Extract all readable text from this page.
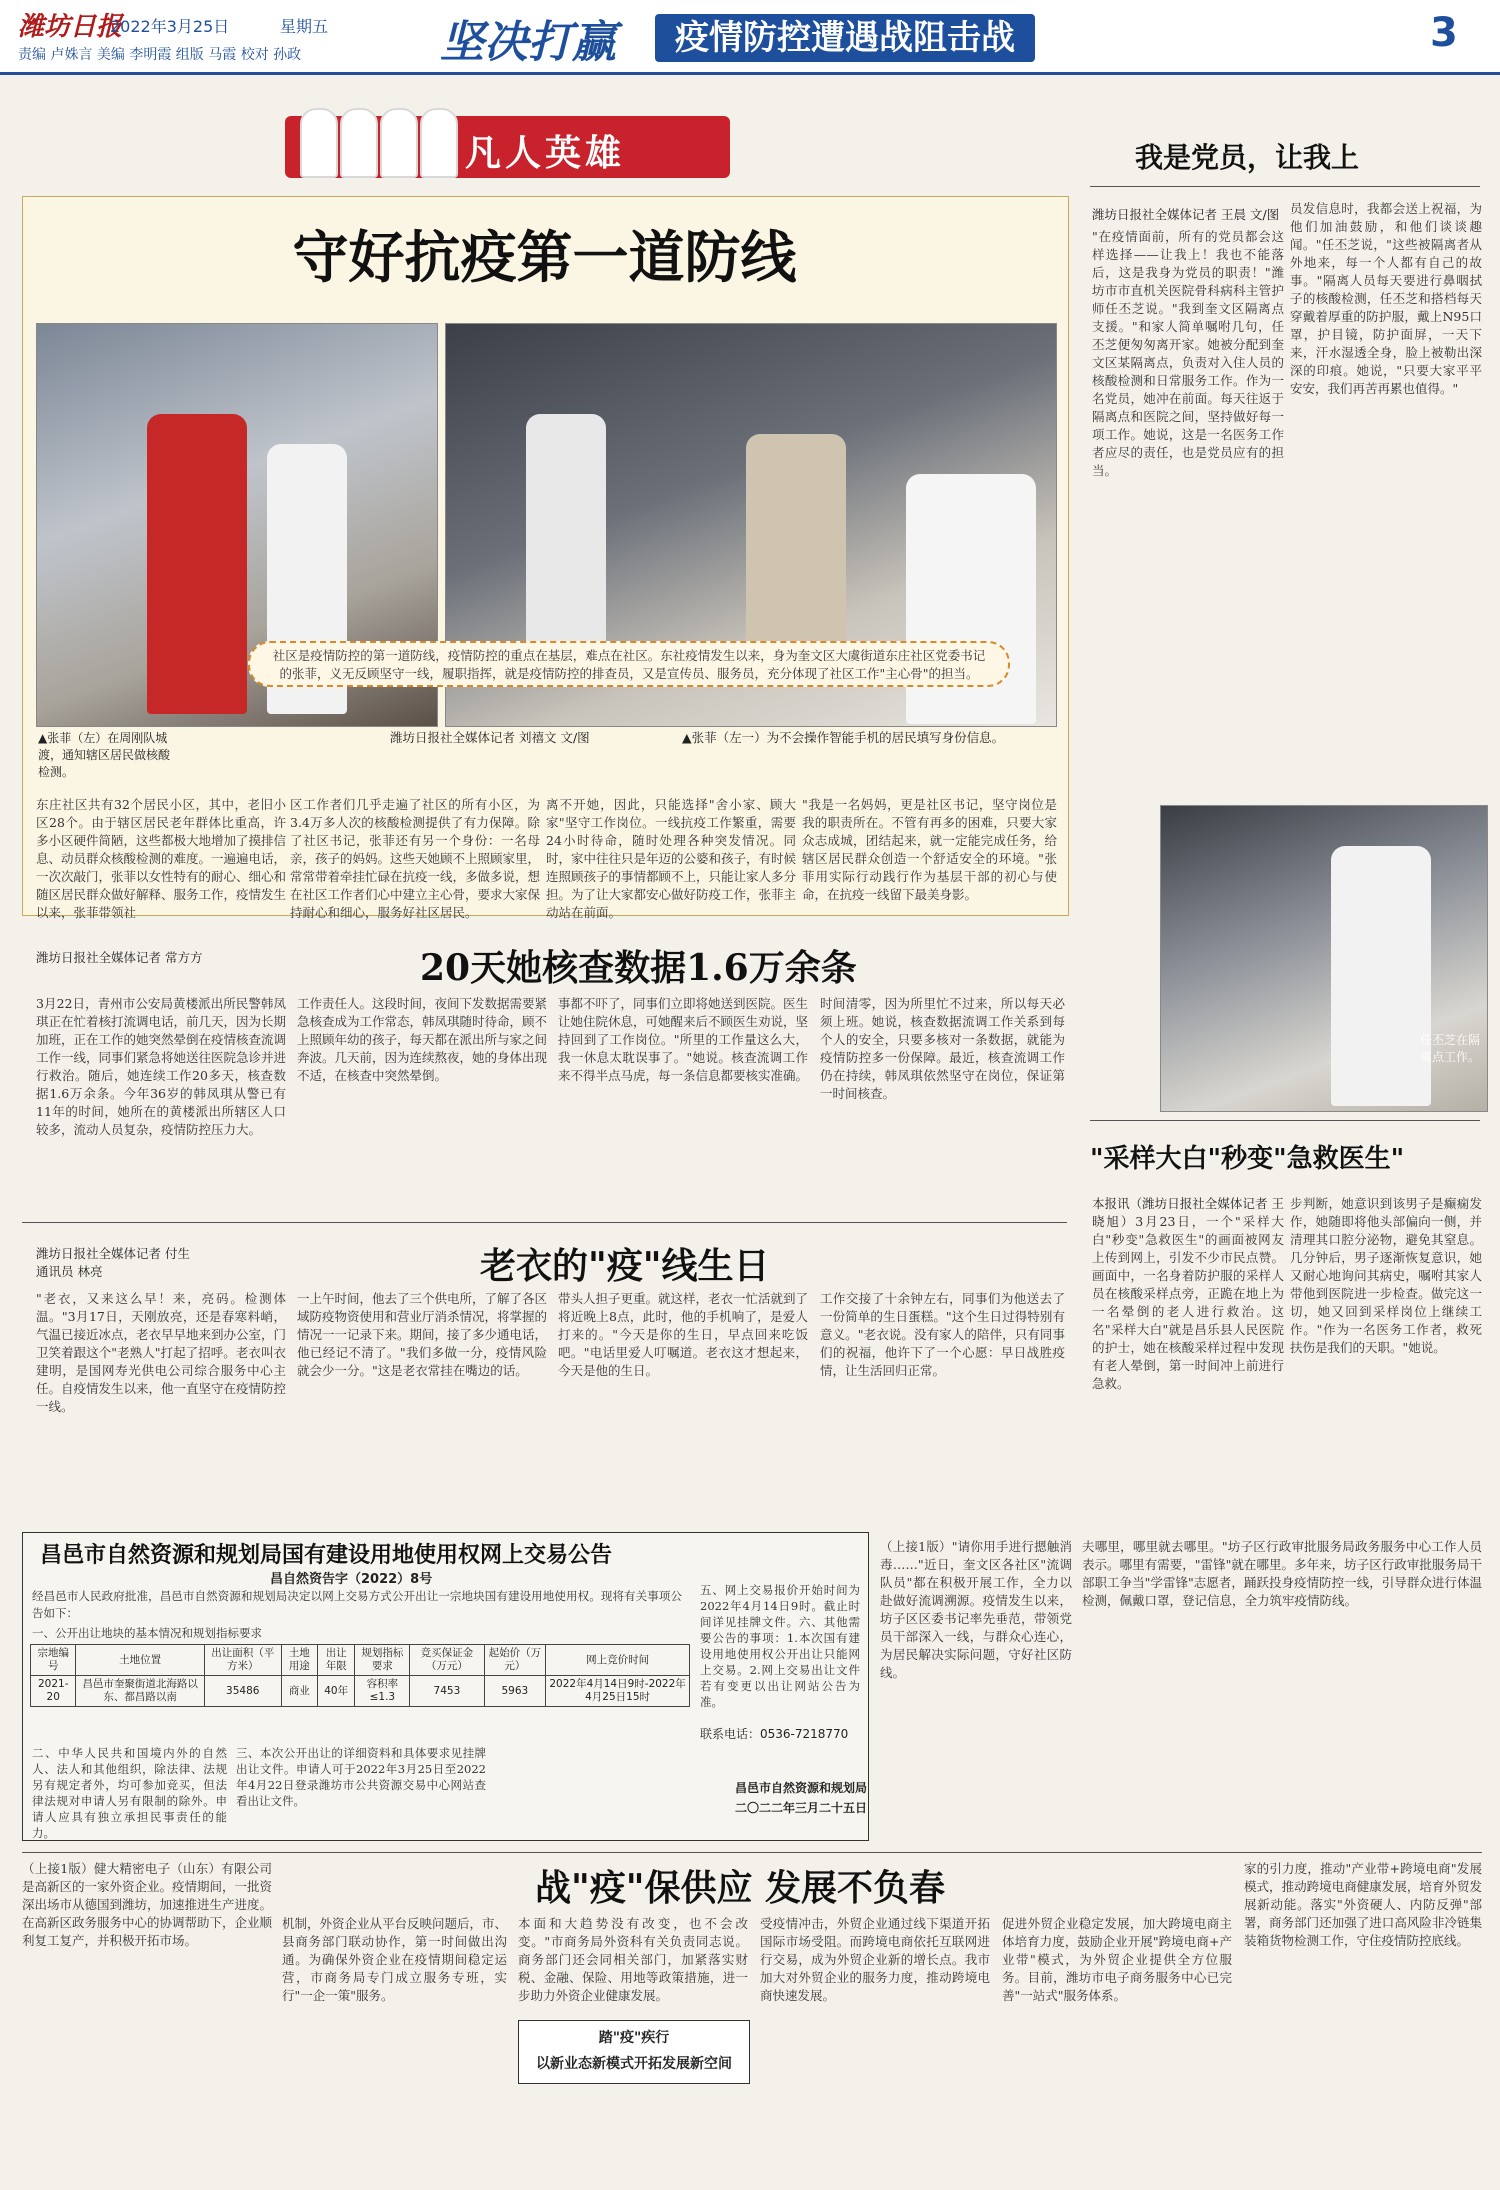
潍坊日报
2022年3月25日	星期五
责编 卢姝言 美编 李明霞 组版 马霞 校对 孙政	坚决打赢	疫情防控遭遇战阻击战	3
凡人英雄
守好抗疫第一道防线
▲张菲（左）在周刚队城渡，通知辖区居民做核酸检测。
潍坊日报社全媒体记者 刘禧文 文/图	▲张菲（左一）为不会操作智能手机的居民填写身份信息。
社区是疫情防控的第一道防线，疫情防控的重点在基层，难点在社区。东社疫情发生以来，身为奎文区大虞街道东庄社区党委书记的张菲，义无反顾坚守一线，履职指挥，就是疫情防控的排查员，又是宣传员、服务员，充分体现了社区工作"主心骨"的担当。
东庄社区共有32个居民小区，其中，老旧小区28个。由于辖区居民老年群体比重高，许多小区硬件简陋，这些都极大地增加了摸排信息、动员群众核酸检测的难度。一遍遍电话，一次次敲门，张菲以女性特有的耐心、细心和随区居民群众做好解释、服务工作，疫情发生以来，张菲带领社
区工作者们几乎走遍了社区的所有小区，为3.4万多人次的核酸检测提供了有力保障。除了社区书记，张菲还有另一个身份：一名母亲，孩子的妈妈。这些天她顾不上照顾家里，常常带着牵挂忙碌在抗疫一线，多做多说，想在社区工作者们心中建立主心骨，要求大家保持耐心和细心，服务好社区居民。
离不开她，因此，只能选择"舍小家、顾大家"坚守工作岗位。一线抗疫工作繁重，需要24小时待命，随时处理各种突发情况。同时，家中往往只是年迈的公婆和孩子，有时候连照顾孩子的事情都顾不上，只能让家人多分担。为了让大家都安心做好防疫工作，张菲主动站在前面。
"我是一名妈妈，更是社区书记，坚守岗位是我的职责所在。不管有再多的困难，只要大家众志成城，团结起来，就一定能完成任务，给辖区居民群众创造一个舒适安全的环境。"张菲用实际行动践行作为基层干部的初心与使命，在抗疫一线留下最美身影。
我是党员，让我上
潍坊日报社全媒体记者 王晨 文/图
"在疫情面前，所有的党员都会这样选择——让我上！我也不能落后，这是我身为党员的职责！"潍坊市市直机关医院骨科病科主管护师任丕芝说。"我到奎文区隔离点支援。"和家人简单嘱咐几句，任丕芝便匆匆离开家。她被分配到奎文区某隔离点，负责对入住人员的核酸检测和日常服务工作。作为一名党员，她冲在前面。每天往返于隔离点和医院之间，坚持做好每一项工作。她说，这是一名医务工作者应尽的责任，也是党员应有的担当。
员发信息时，我都会送上祝福，为他们加油鼓励，和他们谈谈趣闻。"任丕芝说，"这些被隔离者从外地来，每一个人都有自己的故事。"隔离人员每天要进行鼻咽拭子的核酸检测，任丕芝和搭档每天穿戴着厚重的防护服，戴上N95口罩，护目镜，防护面屏，一天下来，汗水湿透全身，脸上被勒出深深的印痕。她说，"只要大家平平安安，我们再苦再累也值得。"
任丕芝在隔离点工作。
潍坊日报社全媒体记者 常方方	20天她核查数据1.6万余条
3月22日，青州市公安局黄楼派出所民警韩凤琪正在忙着核打流调电话，前几天，因为长期加班，正在工作的她突然晕倒在疫情核查流调工作一线，同事们紧急将她送往医院急诊并进行救治。随后，她连续工作20多天，核查数据1.6万余条。今年36岁的韩凤琪从警已有11年的时间，她所在的黄楼派出所辖区人口较多，流动人员复杂，疫情防控压力大。
工作责任人。这段时间，夜间下发数据需要紧急核查成为工作常态，韩凤琪随时待命，顾不上照顾年幼的孩子，每天都在派出所与家之间奔波。几天前，因为连续熬夜，她的身体出现不适，在核查中突然晕倒。
事都不吓了，同事们立即将她送到医院。医生让她住院休息，可她醒来后不顾医生劝说，坚持回到了工作岗位。"所里的工作量这么大，我一休息太耽误事了。"她说。核查流调工作来不得半点马虎，每一条信息都要核实准确。
时间清零，因为所里忙不过来，所以每天必须上班。她说，核查数据流调工作关系到每个人的安全，只要多核对一条数据，就能为疫情防控多一份保障。最近，核查流调工作仍在持续，韩凤琪依然坚守在岗位，保证第一时间核查。
潍坊日报社全媒体记者 付生 通讯员 林亮	老衣的"疫"线生日
"老衣，又来这么早！来，亮码。检测体温。"3月17日，天刚放亮，还是春寒料峭，气温已接近冰点，老衣早早地来到办公室，门卫笑着跟这个"老熟人"打起了招呼。老衣叫衣建明，是国网寿光供电公司综合服务中心主任。自疫情发生以来，他一直坚守在疫情防控一线。
一上午时间，他去了三个供电所，了解了各区域防疫物资使用和营业厅消杀情况，将掌握的情况一一记录下来。期间，接了多少通电话，他已经记不清了。"我们多做一分，疫情风险就会少一分。"这是老衣常挂在嘴边的话。
带头人担子更重。就这样，老衣一忙活就到了将近晚上8点，此时，他的手机响了，是爱人打来的。"今天是你的生日，早点回来吃饭吧。"电话里爱人叮嘱道。老衣这才想起来，今天是他的生日。
工作交接了十余钟左右，同事们为他送去了一份简单的生日蛋糕。"这个生日过得特别有意义。"老衣说。没有家人的陪伴，只有同事们的祝福，他许下了一个心愿：早日战胜疫情，让生活回归正常。
"采样大白"秒变"急救医生"
本报讯（潍坊日报社全媒体记者 王晓旭）3月23日，一个"采样大白"秒变"急救医生"的画面被网友上传到网上，引发不少市民点赞。画面中，一名身着防护服的采样人员在核酸采样点旁，正跪在地上为一名晕倒的老人进行救治。这名"采样大白"就是昌乐县人民医院的护士，她在核酸采样过程中发现有老人晕倒，第一时间冲上前进行急救。
步判断，她意识到该男子是癫痫发作，她随即将他头部偏向一侧，并清理其口腔分泌物，避免其窒息。几分钟后，男子逐渐恢复意识，她又耐心地询问其病史，嘱咐其家人带他到医院进一步检查。做完这一切，她又回到采样岗位上继续工作。"作为一名医务工作者，救死扶伤是我们的天职。"她说。
昌邑市自然资源和规划局国有建设用地使用权网上交易公告
昌自然资告字（2022）8号
经昌邑市人民政府批准，昌邑市自然资源和规划局决定以网上交易方式公开出让一宗地块国有建设用地使用权。现将有关事项公告如下：
一、公开出让地块的基本情况和规划指标要求
宗地编号	土地位置	出让面积（平方米）	土地用途	出让年限	规划指标要求	竞买保证金（万元）	起始价（万元）	网上竞价时间
2021-20	昌邑市奎聚街道北海路以东、都昌路以南	35486	商业	40年	容积率≤1.3	7453	5963	2022年4月14日9时-2022年4月25日15时
二、中华人民共和国境内外的自然人、法人和其他组织，除法律、法规另有规定者外，均可参加竞买，但法律法规对申请人另有限制的除外。申请人应具有独立承担民事责任的能力。
三、本次公开出让的详细资料和具体要求见挂牌出让文件。申请人可于2022年3月25日至2022年4月22日登录潍坊市公共资源交易中心网站查看出让文件。
五、网上交易报价开始时间为2022年4月14日9时。截止时间详见挂牌文件。六、其他需要公告的事项：1.本次国有建设用地使用权公开出让只能网上交易。2.网上交易出让文件若有变更以出让网站公告为准。
联系电话：0536-7218770
昌邑市自然资源和规划局
二〇二二年三月二十五日
（上接1版）"请你用手进行摁触消毒……"近日，奎文区各社区"流调队员"都在积极开展工作，全力以赴做好流调溯源。疫情发生以来，坊子区区委书记率先垂范，带领党员干部深入一线，与群众心连心，为居民解决实际问题，守好社区防线。
夫哪里，哪里就去哪里。"坊子区行政审批服务局政务服务中心工作人员表示。哪里有需要，"雷锋"就在哪里。多年来，坊子区行政审批服务局干部职工争当"学雷锋"志愿者，踊跃投身疫情防控一线，引导群众进行体温检测，佩戴口罩，登记信息，全力筑牢疫情防线。
战"疫"保供应 发展不负春
（上接1版）健大精密电子（山东）有限公司是高新区的一家外资企业。疫情期间，一批资深出场市从德国到潍坊，加速推进生产进度。在高新区政务服务中心的协调帮助下，企业顺利复工复产，并积极开拓市场。
机制，外资企业从平台反映问题后，市、县商务部门联动协作，第一时间做出沟通。为确保外资企业在疫情期间稳定运营，市商务局专门成立服务专班，实行"一企一策"服务。
踏"疫"疾行
以新业态新模式开拓发展新空间
本面和大趋势没有改变，也不会改变。"市商务局外资科有关负责同志说。商务部门还会同相关部门，加紧落实财税、金融、保险、用地等政策措施，进一步助力外资企业健康发展。
受疫情冲击，外贸企业通过线下渠道开拓国际市场受阻。而跨境电商依托互联网进行交易，成为外贸企业新的增长点。我市加大对外贸企业的服务力度，推动跨境电商快速发展。
促进外贸企业稳定发展，加大跨境电商主体培育力度，鼓励企业开展"跨境电商+产业带"模式，为外贸企业提供全方位服务。目前，潍坊市电子商务服务中心已完善"一站式"服务体系。
家的引力度，推动"产业带+跨境电商"发展模式，推动跨境电商健康发展，培育外贸发展新动能。落实"外资硬人、内防反弹"部署，商务部门还加强了进口高风险非冷链集装箱货物检测工作，守住疫情防控底线。
